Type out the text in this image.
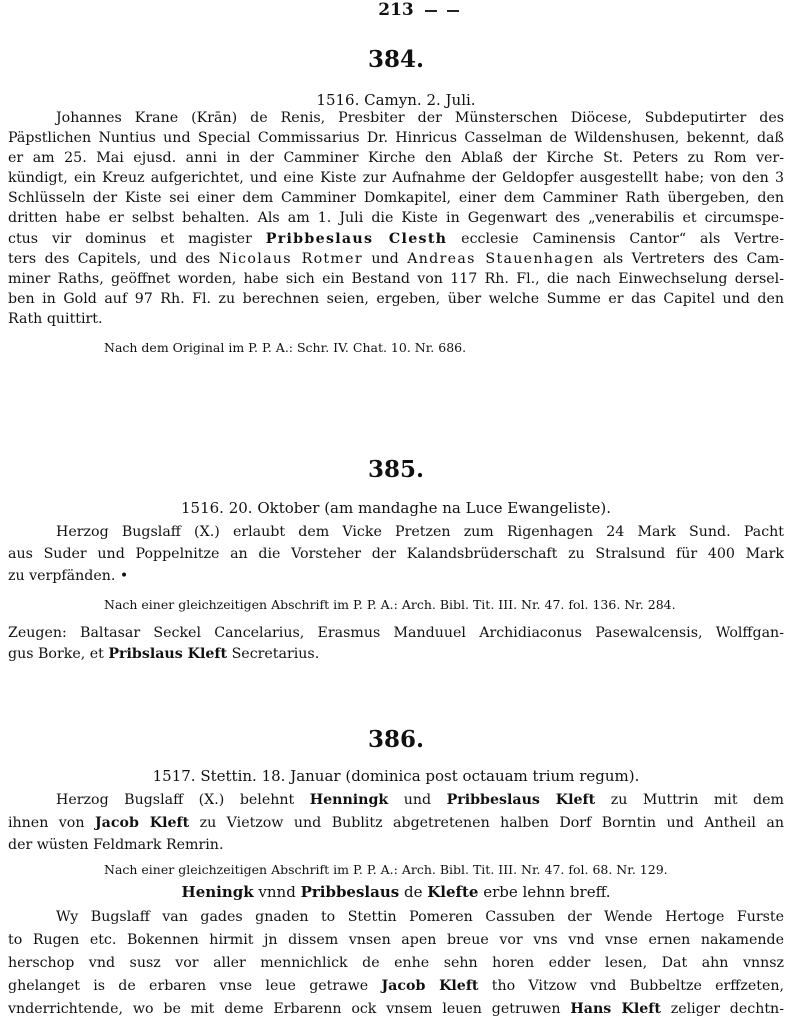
213
384.
1516. Camyn. 2. Juli.
Johannes Krane (Krān) de Renis, Presbiter der Münsterschen Diöcese, Subdeputirter des
Päpstlichen Nuntius und Special Commissarius Dr. Hinricus Casselman de Wildenshusen, bekennt, daß
er am 25. Mai ejusd. anni in der Camminer Kirche den Ablaß der Kirche St. Peters zu Rom ver-
kündigt, ein Kreuz aufgerichtet, und eine Kiste zur Aufnahme der Geldopfer ausgestellt habe; von den 3
Schlüsseln der Kiste sei einer dem Camminer Domkapitel, einer dem Camminer Rath übergeben, den
dritten habe er selbst behalten. Als am 1. Juli die Kiste in Gegenwart des „venerabilis et circumspe-
ctus vir dominus et magister Pribbeslaus Clesth ecclesie Caminensis Cantor“ als Vertre-
ters des Capitels, und des Nicolaus Rotmer und Andreas Stauenhagen als Vertreters des Cam-
miner Raths, geöffnet worden, habe sich ein Bestand von 117 Rh. Fl., die nach Einwechselung dersel-
ben in Gold auf 97 Rh. Fl. zu berechnen seien, ergeben, über welche Summe er das Capitel und den
Rath quittirt.
Nach dem Original im P. P. A.: Schr. IV. Chat. 10. Nr. 686.
385.
1516. 20. Oktober (am mandaghe na Luce Ewangeliste).
Herzog Bugslaff (X.) erlaubt dem Vicke Pretzen zum Rigenhagen 24 Mark Sund. Pacht
aus Suder und Poppelnitze an die Vorsteher der Kalandsbrüderschaft zu Stralsund für 400 Mark
zu verpfänden. •
Nach einer gleichzeitigen Abschrift im P. P. A.: Arch. Bibl. Tit. III. Nr. 47. fol. 136. Nr. 284.
Zeugen: Baltasar Seckel Cancelarius, Erasmus Manduuel Archidiaconus Pasewalcensis, Wolffgan-
gus Borke, et Pribslaus Kleft Secretarius.
386.
1517. Stettin. 18. Januar (dominica post octauam trium regum).
Herzog Bugslaff (X.) belehnt Henningk und Pribbeslaus Kleft zu Muttrin mit dem
ihnen von Jacob Kleft zu Vietzow und Bublitz abgetretenen halben Dorf Borntin und Antheil an
der wüsten Feldmark Remrin.
Nach einer gleichzeitigen Abschrift im P. P. A.: Arch. Bibl. Tit. III. Nr. 47. fol. 68. Nr. 129.
Heningk vnnd Pribbeslaus de Klefte erbe lehnn breff.
Wy Bugslaff van gades gnaden to Stettin Pomeren Cassuben der Wende Hertoge Furste
to Rugen etc. Bokennen hirmit jn dissem vnsen apen breue vor vns vnd vnse ernen nakamende
herschop vnd susz vor aller mennichlick de enhe sehn horen edder lesen, Dat ahn vnnsz
ghelanget is de erbaren vnse leue getrawe Jacob Kleft tho Vitzow vnd Bubbeltze erffzeten,
vnderrichtende, wo be mit deme Erbarenn ock vnsem leuen getruwen Hans Kleft zeliger dechtn-
